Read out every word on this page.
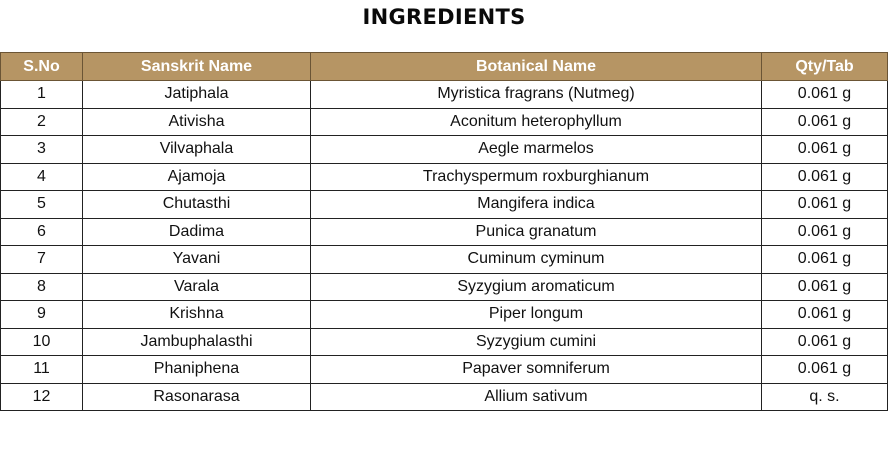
INGREDIENTS
S.No	Sanskrit Name	Botanical Name	Qty/Tab
1	Jatiphala	Myristica fragrans (Nutmeg)	0.061 g
2	Ativisha	Aconitum heterophyllum	0.061 g
3	Vilvaphala	Aegle marmelos	0.061 g
4	Ajamoja	Trachyspermum roxburghianum	0.061 g
5	Chutasthi	Mangifera indica	0.061 g
6	Dadima	Punica granatum	0.061 g
7	Yavani	Cuminum cyminum	0.061 g
8	Varala	Syzygium aromaticum	0.061 g
9	Krishna	Piper longum	0.061 g
10	Jambuphalasthi	Syzygium cumini	0.061 g
11	Phaniphena	Papaver somniferum	0.061 g
12	Rasonarasa	Allium sativum	q. s.
